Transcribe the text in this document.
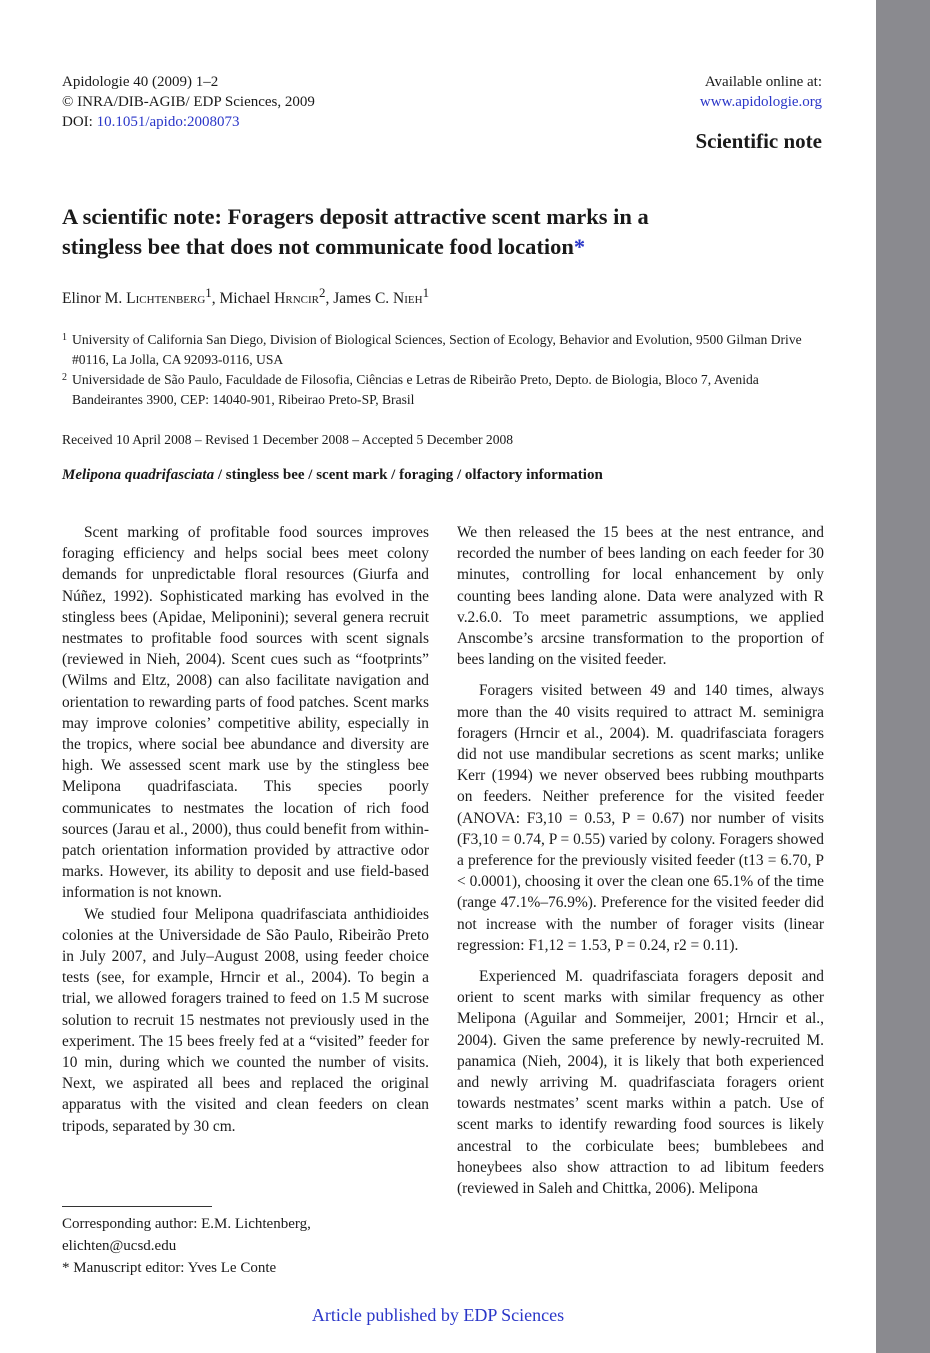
Apidologie 40 (2009) 1–2
© INRA/DIB-AGIB/ EDP Sciences, 2009
DOI: 10.1051/apido:2008073
Available online at:
www.apidologie.org
Scientific note
A scientific note: Foragers deposit attractive scent marks in a
stingless bee that does not communicate food location*
Elinor M. Lichtenberg$^1$, Michael Hrncir$^2$, James C. Nieh$^1$
1 University of California San Diego, Division of Biological Sciences, Section of Ecology, Behavior and Evolution, 9500 Gilman Drive #0116, La Jolla, CA 92093-0116, USA
2 Universidade de São Paulo, Faculdade de Filosofia, Ciências e Letras de Ribeirão Preto, Depto. de Biologia, Bloco 7, Avenida Bandeirantes 3900, CEP: 14040-901, Ribeirao Preto-SP, Brasil
Received 10 April 2008 – Revised 1 December 2008 – Accepted 5 December 2008
Melipona quadrifasciata / stingless bee / scent mark / foraging / olfactory information

Scent marking of profitable food sources improves foraging efficiency and helps social bees meet colony demands for unpredictable floral resources (Giurfa and Núñez, 1992). Sophisticated marking has evolved in the stingless bees (Apidae, Meliponini); several genera recruit nestmates to profitable food sources with scent signals (reviewed in Nieh, 2004). Scent cues such as “footprints” (Wilms and Eltz, 2008) can also facilitate navigation and orientation to rewarding parts of food patches. Scent marks may improve colonies’ competitive ability, especially in the tropics, where social bee abundance and diversity are high. We assessed scent mark use by the stingless bee Melipona quadrifasciata. This species poorly communicates to nestmates the location of rich food sources (Jarau et al., 2000), thus could benefit from within-patch orientation information provided by attractive odor marks. However, its ability to deposit and use field-based information is not known.

We studied four Melipona quadrifasciata anthidioides colonies at the Universidade de São Paulo, Ribeirão Preto in July 2007, and July–August 2008, using feeder choice tests (see, for example, Hrncir et al., 2004). To begin a trial, we allowed foragers trained to feed on 1.5 M sucrose solution to recruit 15 nestmates not previously used in the experiment. The 15 bees freely fed at a “visited” feeder for 10 min, during which we counted the number of visits. Next, we aspirated all bees and replaced the original apparatus with the visited and clean feeders on clean tripods, separated by 30 cm.

We then released the 15 bees at the nest entrance, and recorded the number of bees landing on each feeder for 30 minutes, controlling for local enhancement by only counting bees landing alone. Data were analyzed with R v.2.6.0. To meet parametric assumptions, we applied Anscombe’s arcsine transformation to the proportion of bees landing on the visited feeder.

Foragers visited between 49 and 140 times, always more than the 40 visits required to attract M. seminigra foragers (Hrncir et al., 2004). M. quadrifasciata foragers did not use mandibular secretions as scent marks; unlike Kerr (1994) we never observed bees rubbing mouthparts on feeders. Neither preference for the visited feeder (ANOVA: F3,10 = 0.53, P = 0.67) nor number of visits (F3,10 = 0.74, P = 0.55) varied by colony. Foragers showed a preference for the previously visited feeder (t13 = 6.70, P < 0.0001), choosing it over the clean one 65.1% of the time (range 47.1%–76.9%). Preference for the visited feeder did not increase with the number of forager visits (linear regression: F1,12 = 1.53, P = 0.24, r2 = 0.11).

Experienced M. quadrifasciata foragers deposit and orient to scent marks with similar frequency as other Melipona (Aguilar and Sommeijer, 2001; Hrncir et al., 2004). Given the same preference by newly-recruited M. panamica (Nieh, 2004), it is likely that both experienced and newly arriving M. quadrifasciata foragers orient towards nestmates’ scent marks within a patch. Use of scent marks to identify rewarding food sources is likely ancestral to the corbiculate bees; bumblebees and honeybees also show attraction to ad libitum feeders (reviewed in Saleh and Chittka, 2006). Melipona

Corresponding author: E.M. Lichtenberg,
elichten@ucsd.edu
* Manuscript editor: Yves Le Conte
Article published by EDP Sciences
